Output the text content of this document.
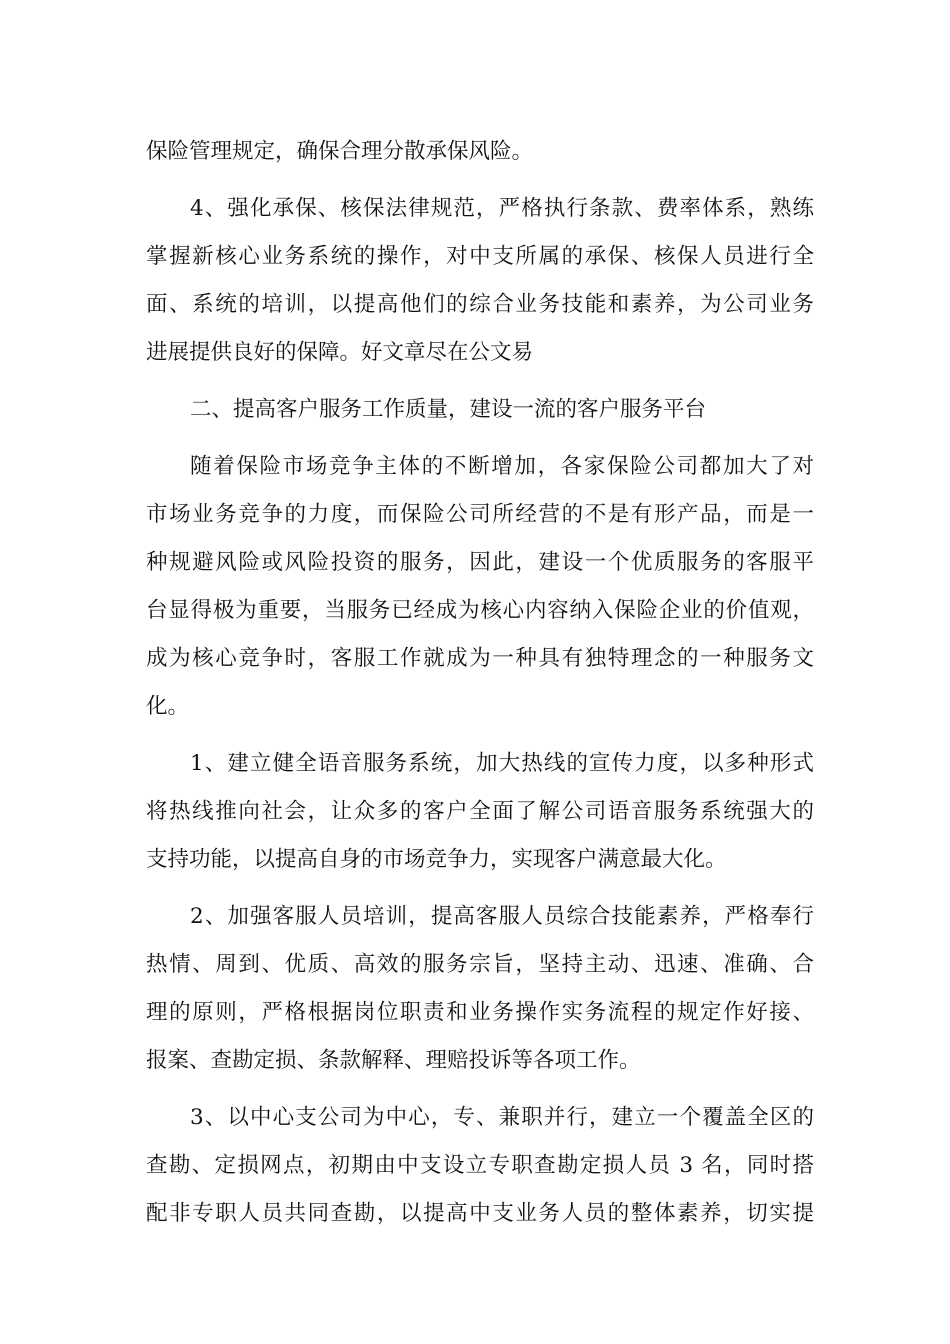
保险管理规定，确保合理分散承保风险。
4、强化承保、核保法律规范，严格执行条款、费率体系，熟练
掌握新核心业务系统的操作，对中支所属的承保、核保人员进行全
面、系统的培训，以提高他们的综合业务技能和素养，为公司业务
进展提供良好的保障。好文章尽在公文易
二、提高客户服务工作质量，建设一流的客户服务平台
随着保险市场竞争主体的不断增加，各家保险公司都加大了对
市场业务竞争的力度，而保险公司所经营的不是有形产品，而是一
种规避风险或风险投资的服务，因此，建设一个优质服务的客服平
台显得极为重要，当服务已经成为核心内容纳入保险企业的价值观，
成为核心竞争时，客服工作就成为一种具有独特理念的一种服务文
化。
1、建立健全语音服务系统，加大热线的宣传力度，以多种形式
将热线推向社会，让众多的客户全面了解公司语音服务系统强大的
支持功能，以提高自身的市场竞争力，实现客户满意最大化。
2、加强客服人员培训，提高客服人员综合技能素养，严格奉行
热情、周到、优质、高效的服务宗旨，坚持主动、迅速、准确、合
理的原则，严格根据岗位职责和业务操作实务流程的规定作好接、
报案、查勘定损、条款解释、理赔投诉等各项工作。
3、以中心支公司为中心，专、兼职并行，建立一个覆盖全区的
查勘、定损网点，初期由中支设立专职查勘定损人员 3 名，同时搭
配非专职人员共同查勘，以提高中支业务人员的整体素养，切实提
